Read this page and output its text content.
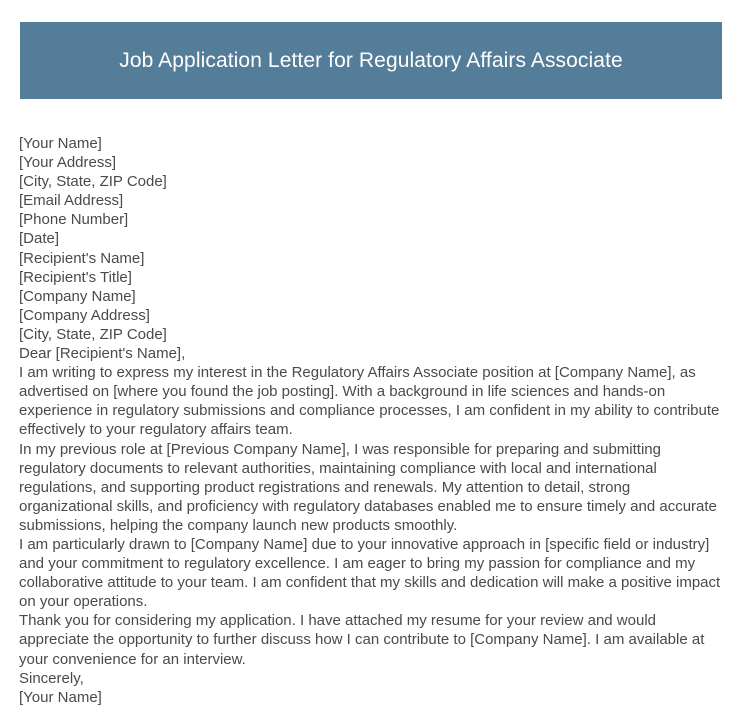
Job Application Letter for Regulatory Affairs Associate

[Your Name]

[Your Address]

[City, State, ZIP Code]

[Email Address]

[Phone Number]

[Date]

[Recipient's Name]

[Recipient's Title]

[Company Name]

[Company Address]

[City, State, ZIP Code]

Dear [Recipient's Name],

I am writing to express my interest in the Regulatory Affairs Associate position at [Company Name], as advertised on [where you found the job posting]. With a background in life sciences and hands-on experience in regulatory submissions and compliance processes, I am confident in my ability to contribute effectively to your regulatory affairs team.

In my previous role at [Previous Company Name], I was responsible for preparing and submitting regulatory documents to relevant authorities, maintaining compliance with local and international regulations, and supporting product registrations and renewals. My attention to detail, strong organizational skills, and proficiency with regulatory databases enabled me to ensure timely and accurate submissions, helping the company launch new products smoothly.

I am particularly drawn to [Company Name] due to your innovative approach in [specific field or industry] and your commitment to regulatory excellence. I am eager to bring my passion for compliance and my collaborative attitude to your team. I am confident that my skills and dedication will make a positive impact on your operations.

Thank you for considering my application. I have attached my resume for your review and would appreciate the opportunity to further discuss how I can contribute to [Company Name]. I am available at your convenience for an interview.

Sincerely,

[Your Name]
